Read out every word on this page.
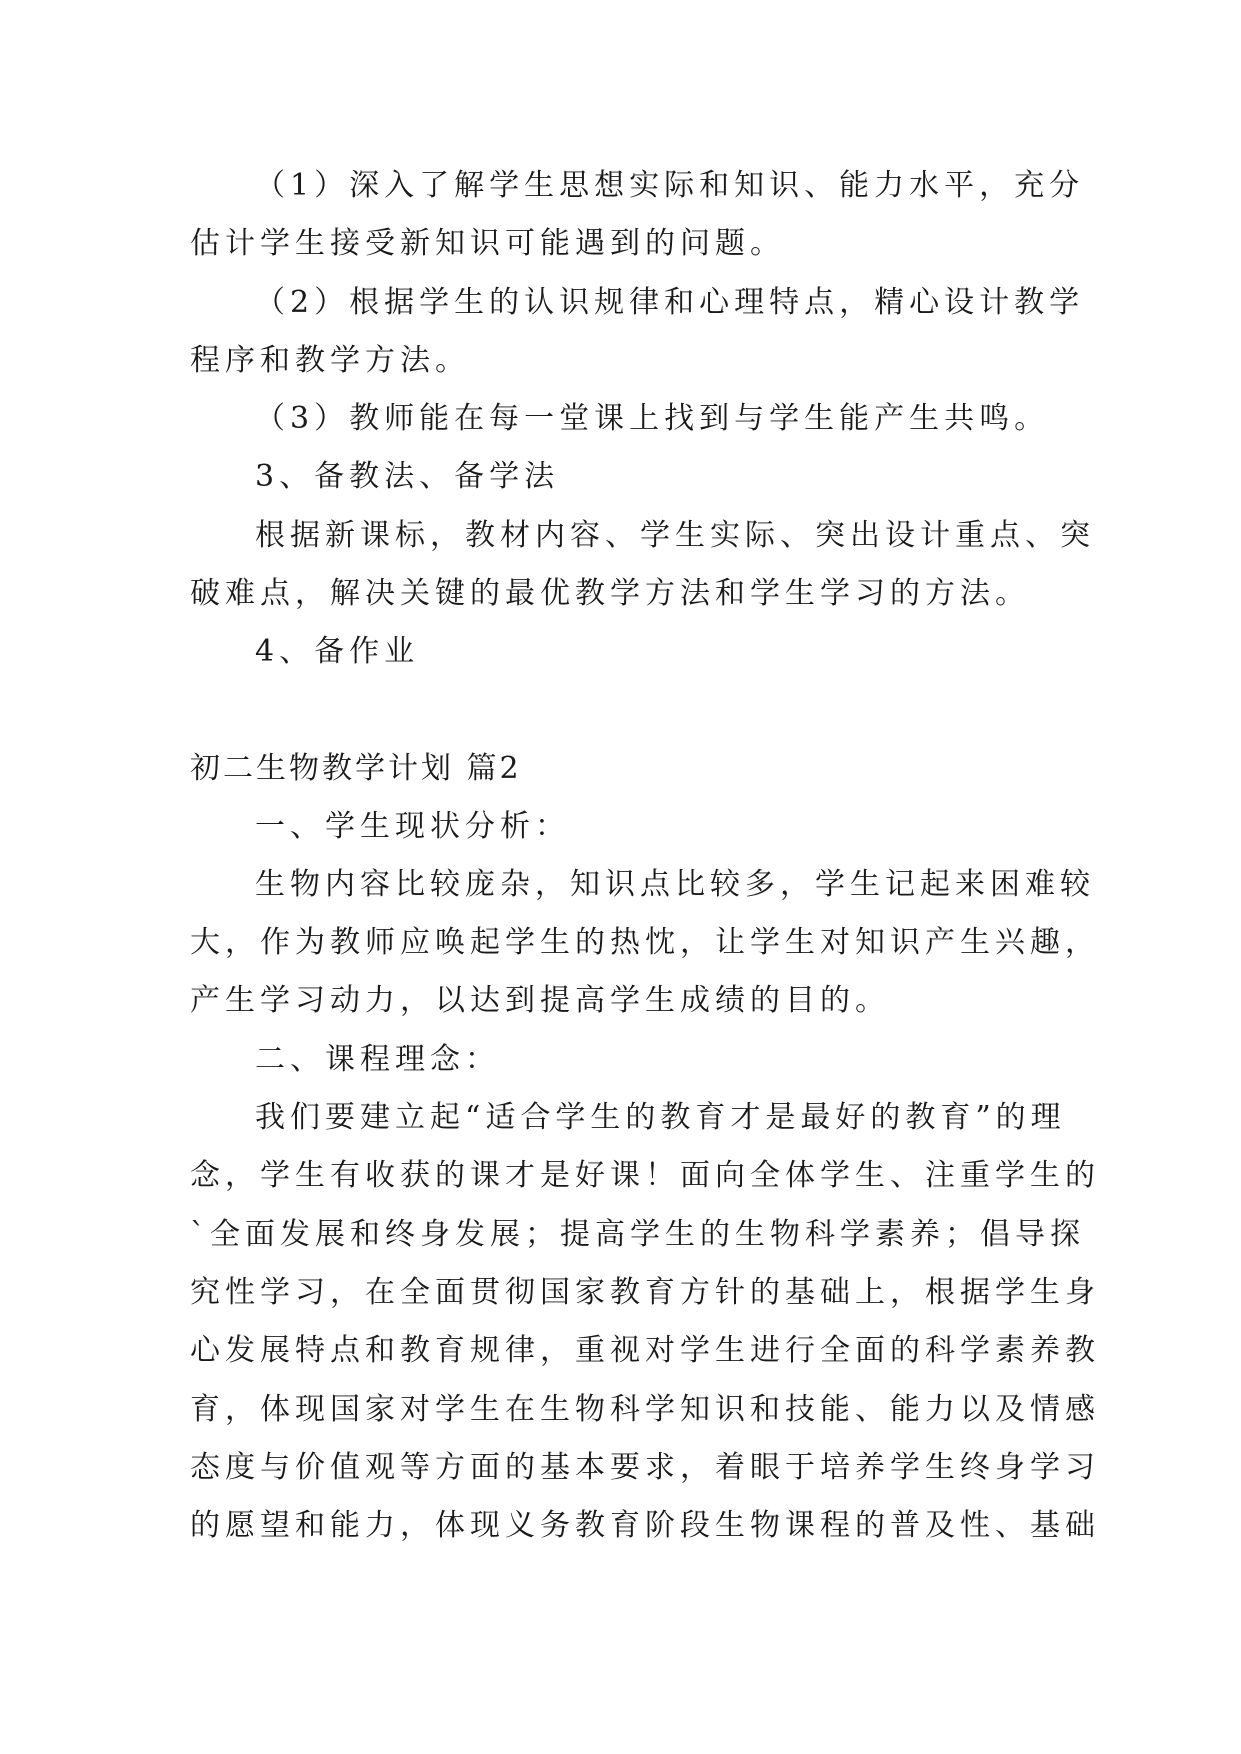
（1）深入了解学生思想实际和知识、能力水平，充分
估计学生接受新知识可能遇到的问题。
（2）根据学生的认识规律和心理特点，精心设计教学
程序和教学方法。
（3）教师能在每一堂课上找到与学生能产生共鸣。
3、备教法、备学法
根据新课标，教材内容、学生实际、突出设计重点、突
破难点，解决关键的最优教学方法和学生学习的方法。
4、备作业
初二生物教学计划 篇2
一、学生现状分析：
生物内容比较庞杂，知识点比较多，学生记起来困难较
大，作为教师应唤起学生的热忱，让学生对知识产生兴趣，
产生学习动力，以达到提高学生成绩的目的。
二、课程理念：
我们要建立起“适合学生的教育才是最好的教育”的理
念，学生有收获的课才是好课！面向全体学生、注重学生的
`全面发展和终身发展；提高学生的生物科学素养；倡导探
究性学习，在全面贯彻国家教育方针的基础上，根据学生身
心发展特点和教育规律，重视对学生进行全面的科学素养教
育，体现国家对学生在生物科学知识和技能、能力以及情感
态度与价值观等方面的基本要求，着眼于培养学生终身学习
的愿望和能力，体现义务教育阶段生物课程的普及性、基础
